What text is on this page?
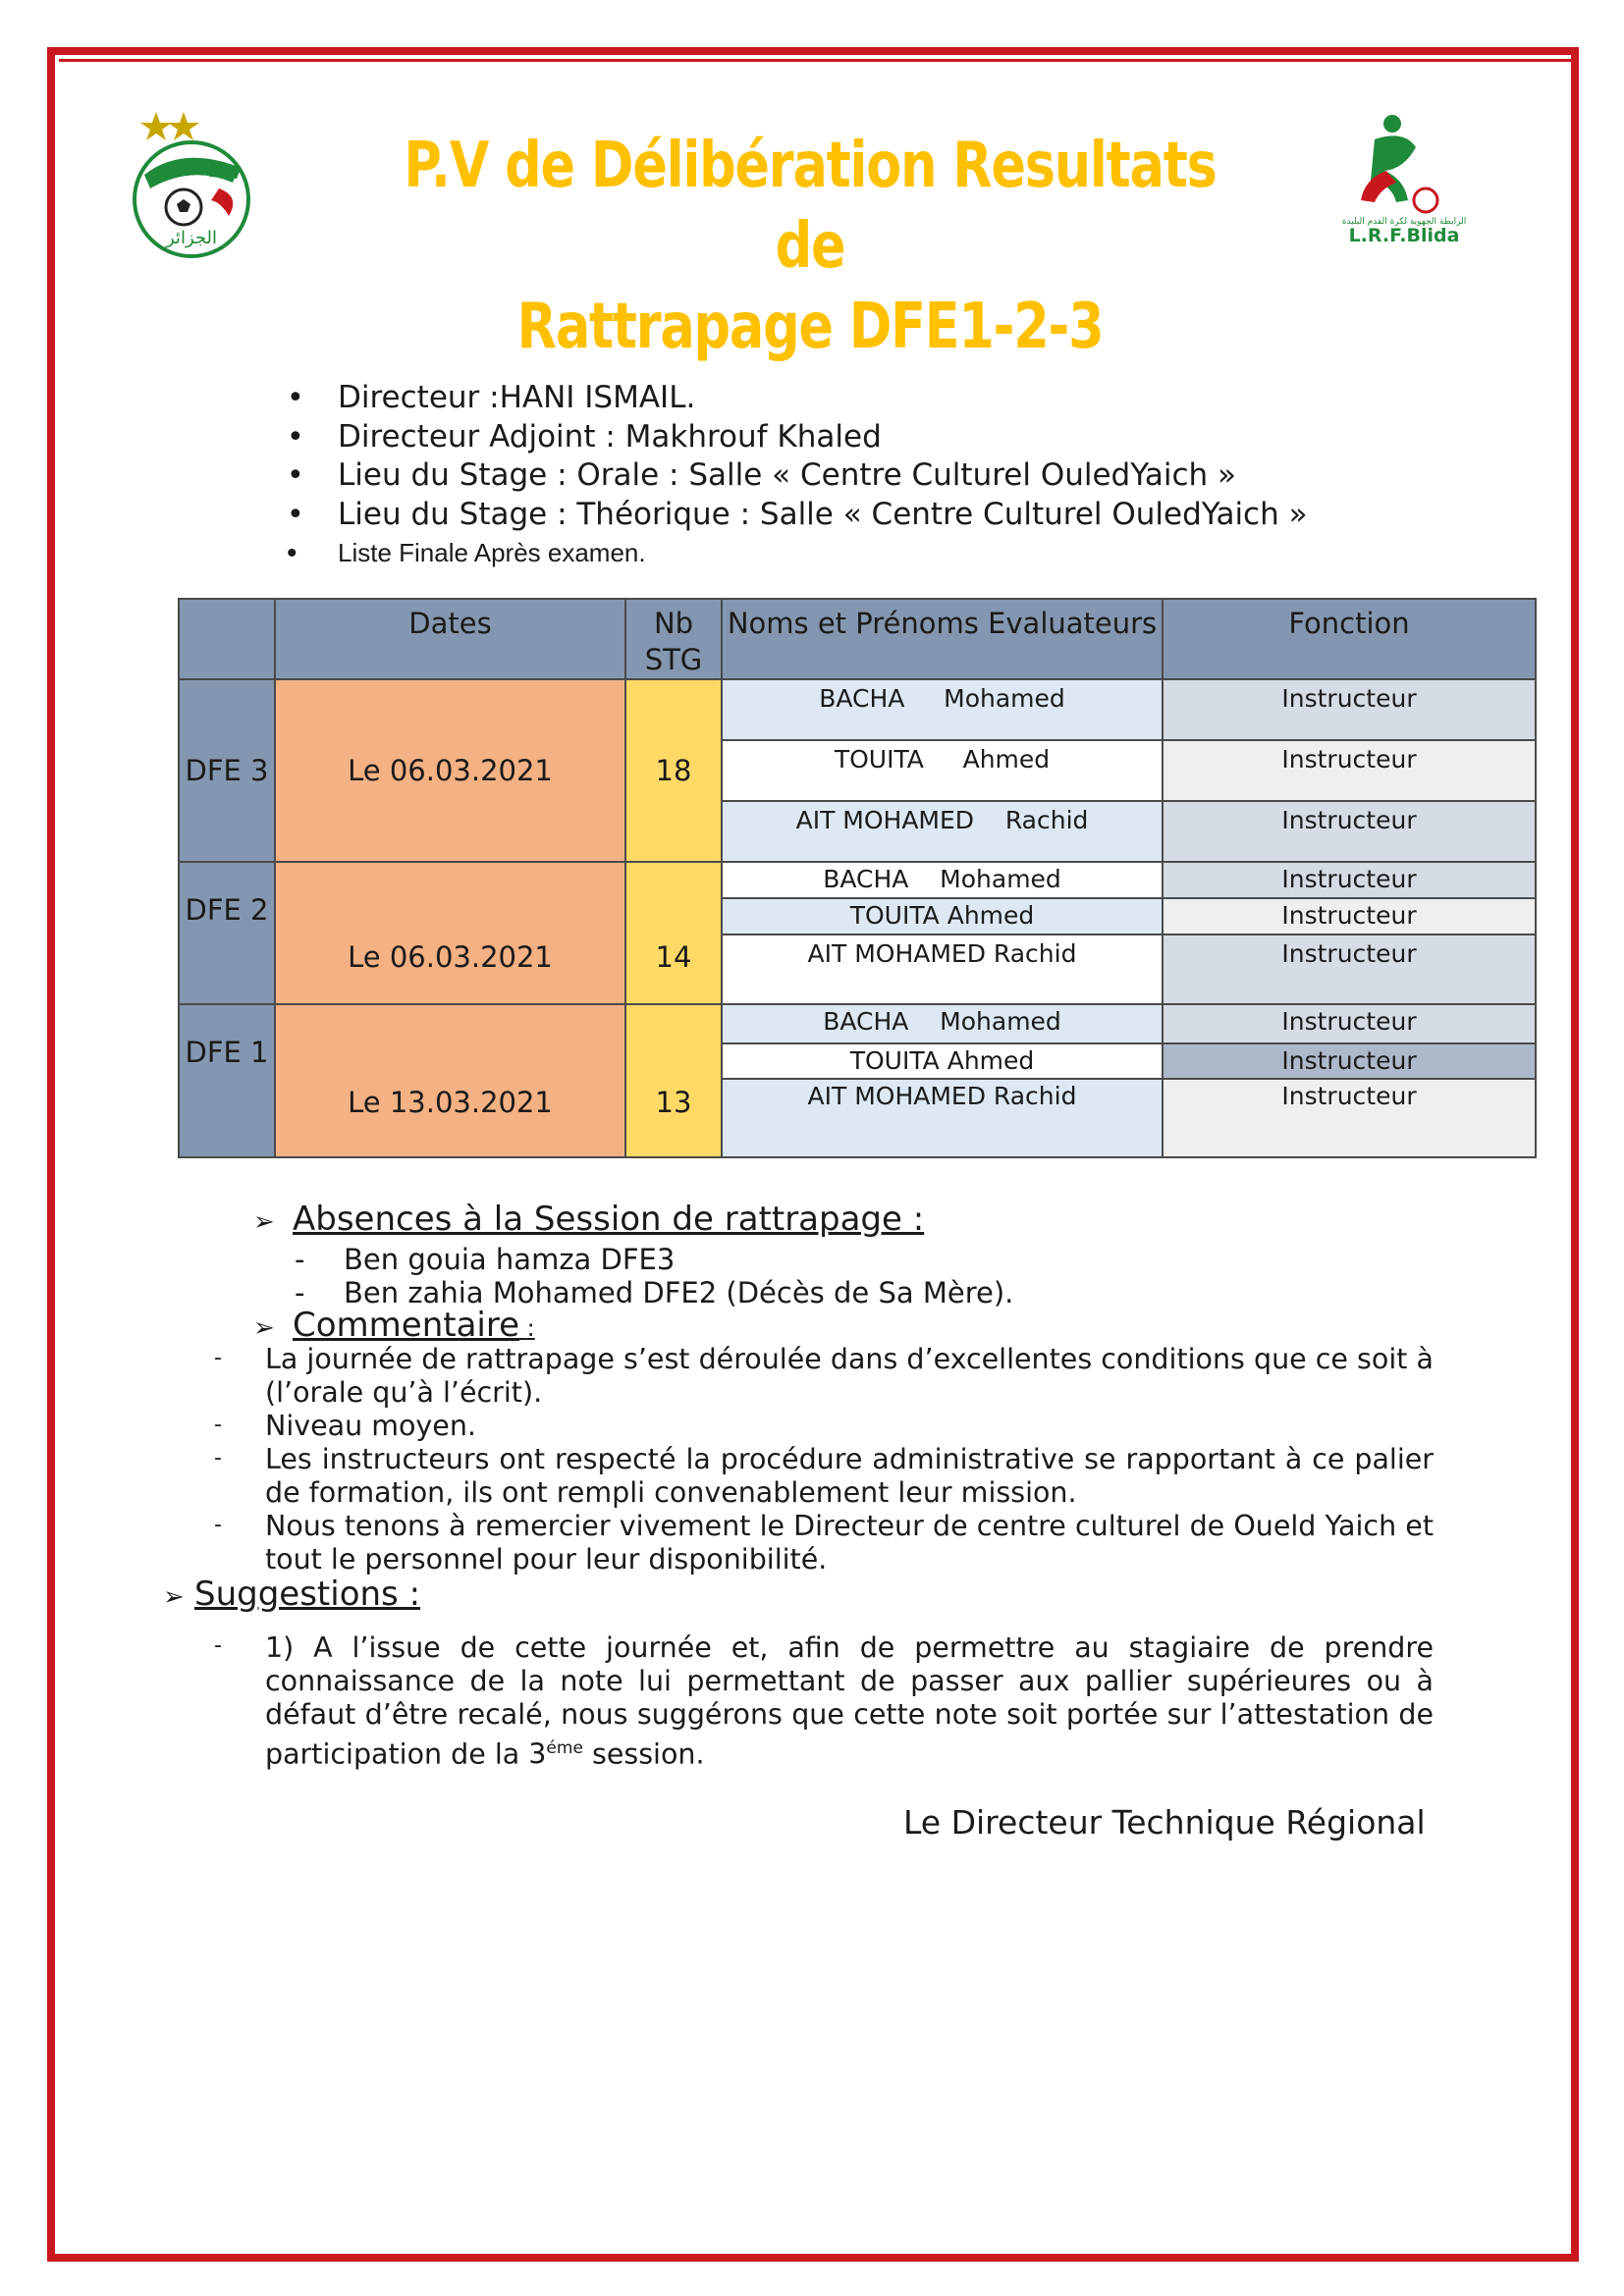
الجزائر
الرابطة الجهوية لكرة القدم البليدة
L.R.F.Blida
P.V de Délibération Resultats de
Rattrapage DFE1-2-3
• Directeur :HANI ISMAIL.
• Directeur Adjoint : Makhrouf Khaled
• Lieu du Stage : Orale : Salle « Centre Culturel OuledYaich »
• Lieu du Stage : Théorique : Salle « Centre Culturel OuledYaich »
• Liste Finale Après examen.
	Dates	Nb STG	Noms et Prénoms Evaluateurs	Fonction
DFE 3	Le 06.03.2021	18	BACHA     Mohamed	Instructeur
			TOUITA     Ahmed	Instructeur
			AIT MOHAMED    Rachid	Instructeur
DFE 2	Le 06.03.2021	14	BACHA    Mohamed	Instructeur
			TOUITA Ahmed	Instructeur
			AIT MOHAMED Rachid	Instructeur
DFE 1	Le 13.03.2021	13	BACHA    Mohamed	Instructeur
			TOUITA Ahmed	Instructeur
			AIT MOHAMED Rachid	Instructeur
➢ Absences à la Session de rattrapage :
- Ben gouia hamza DFE3
- Ben zahia Mohamed DFE2 (Décès de Sa Mère).
➢ Commentaire :
- La journée de rattrapage s’est déroulée dans d’excellentes conditions que ce soit à (l’orale qu’à l’écrit).
- Niveau moyen.
- Les instructeurs ont respecté la procédure administrative se rapportant à ce palier de formation, ils ont rempli convenablement leur mission.
- Nous tenons à remercier vivement le Directeur de centre culturel de Oueld Yaich et tout le personnel pour leur disponibilité.
➢ Suggestions :
- 1) A l’issue de cette journée et, afin de permettre au stagiaire de prendre connaissance de la note lui permettant de passer aux pallier supérieures ou à défaut d’être recalé, nous suggérons que cette note soit portée sur l’attestation de participation de la $3^{éme}$ session.
Le Directeur Technique Régional
